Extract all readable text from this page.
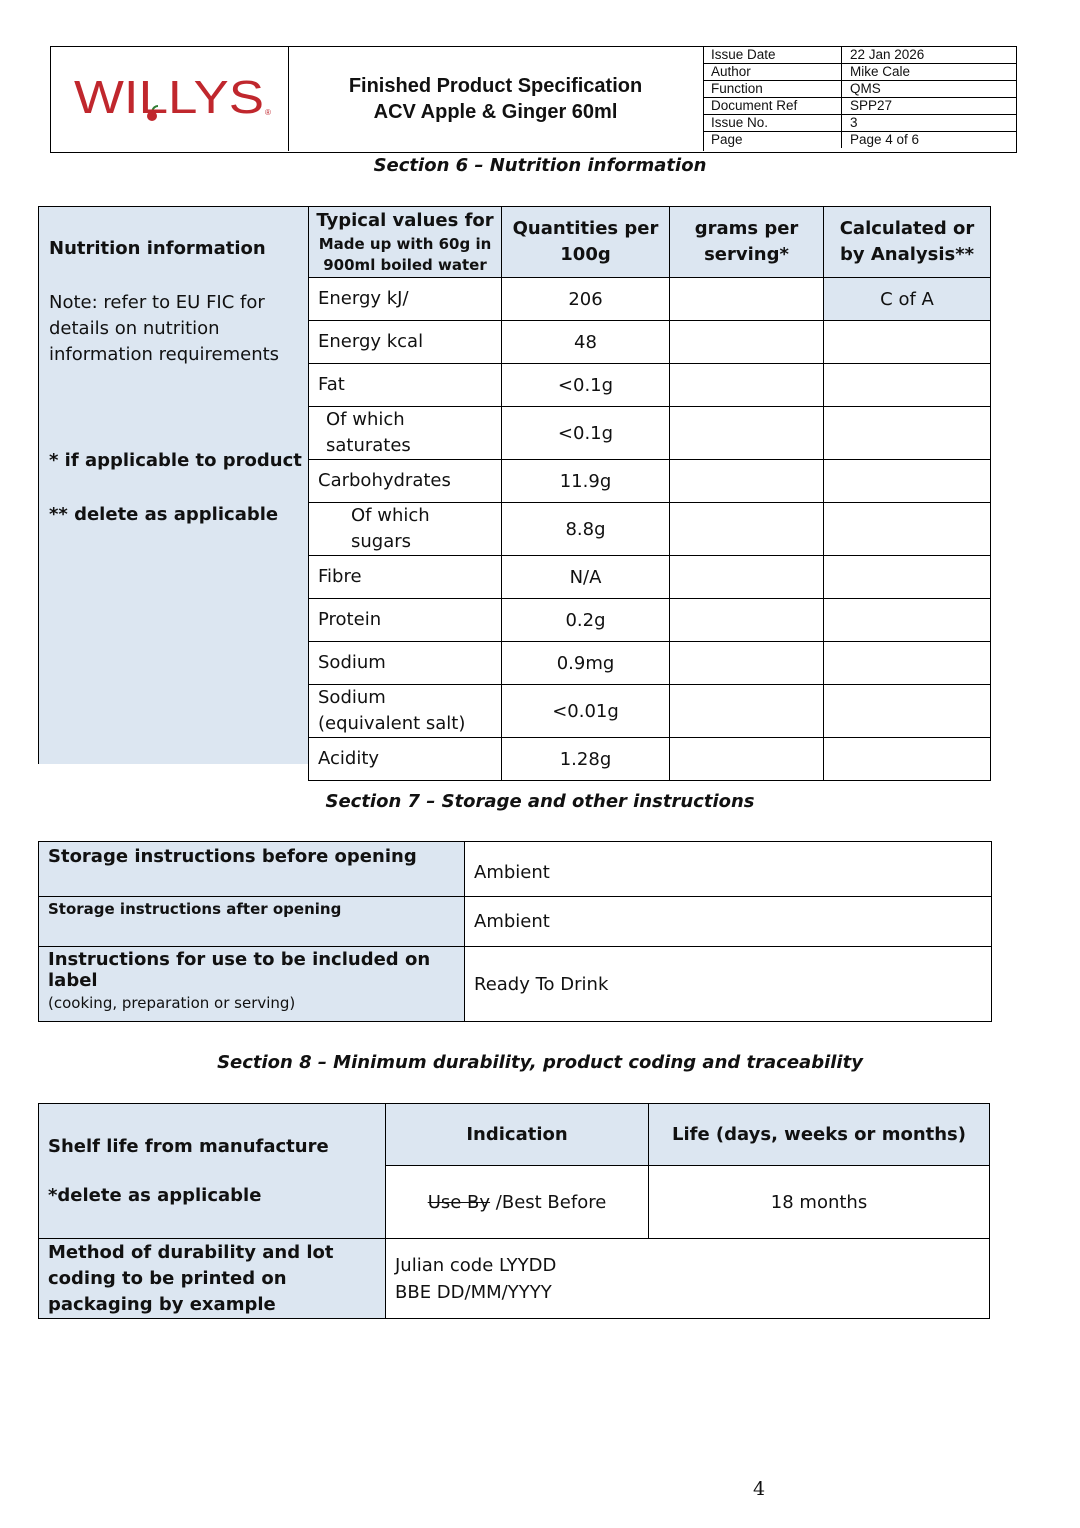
WILLYS ®
Finished Product Specification
ACV Apple & Ginger 60ml
Issue Date	22 Jan 2026
Author	Mike Cale
Function	QMS
Document Ref	SPP27
Issue No.	3
Page	Page 4 of 6
Section 6 – Nutrition information
Nutrition information
Note: refer to EU FIC for details on nutrition information requirements
* if applicable to product
** delete as applicable
Typical values for
Made up with 60g in 900ml boiled water	Quantities per 100g	grams per serving*	Calculated or by Analysis**
Energy kJ/	206		C of A
Energy kcal	48		
Fat	<0.1g		
Of which saturates	<0.1g		
Carbohydrates	11.9g		
Of which sugars	8.8g		
Fibre	N/A		
Protein	0.2g		
Sodium	0.9mg		
Sodium (equivalent salt)	<0.01g		
Acidity	1.28g		
Section 7 – Storage and other instructions
Storage instructions before opening	Ambient
Storage instructions after opening	Ambient

Instructions for use to be included on label
(cooking, preparation or serving)	Ready To Drink
Section 8 – Minimum durability, product coding and traceability
Shelf life from manufacture
*delete as applicable	Indication	Life (days, weeks or months)
	Use By /Best Before	18 months
Method of durability and lot coding to be printed on packaging by example	Julian code LYYDD
BBE DD/MM/YYYY	
4
